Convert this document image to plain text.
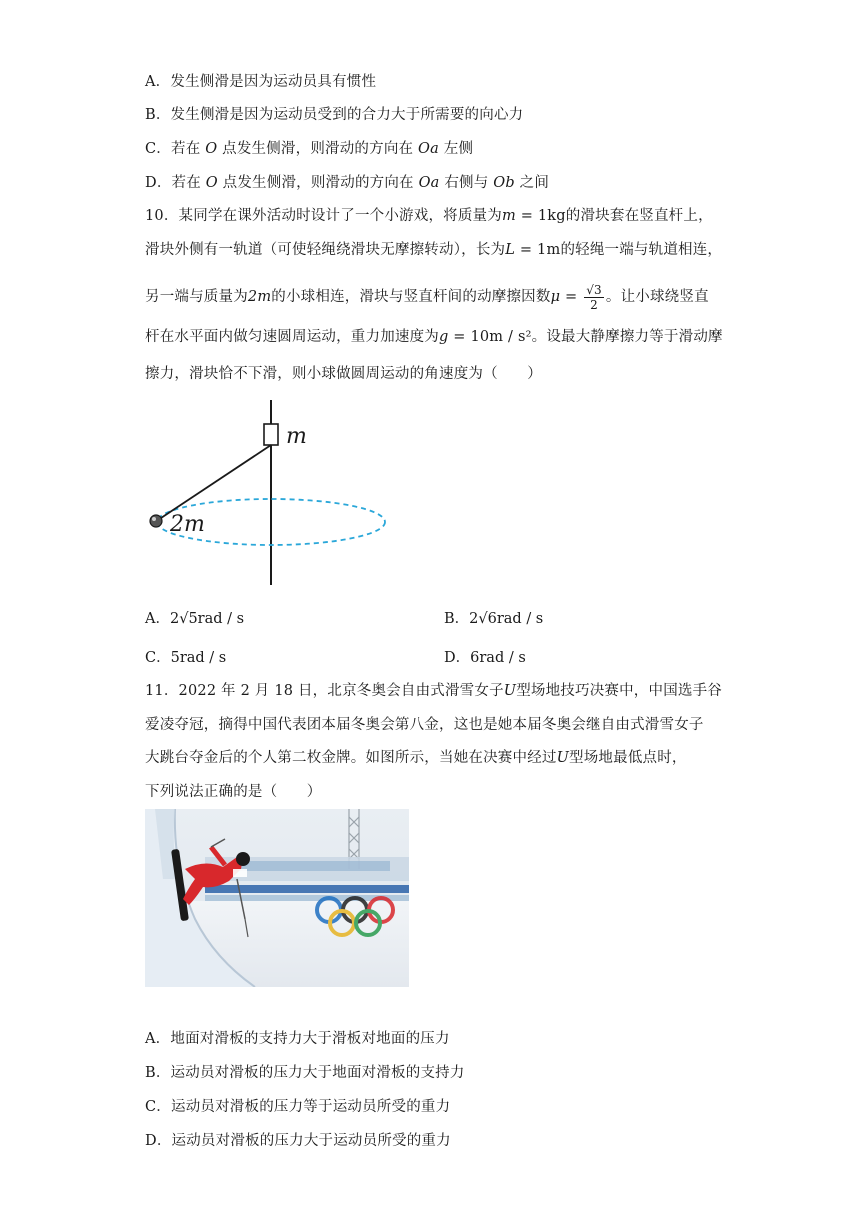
A．发生侧滑是因为运动员具有惯性
B．发生侧滑是因为运动员受到的合力大于所需要的向心力
C．若在 O 点发生侧滑，则滑动的方向在 Oa 左侧
D．若在 O 点发生侧滑，则滑动的方向在 Oa 右侧与 Ob 之间
10．某同学在课外活动时设计了一个小游戏，将质量为m = 1kg的滑块套在竖直杆上，
滑块外侧有一轨道（可使轻绳绕滑块无摩擦转动），长为L = 1m的轻绳一端与轨道相连，
另一端与质量为2m的小球相连，滑块与竖直杆间的动摩擦因数$\mu = \frac{√3}{2}$ 。让小球绕竖直
杆在水平面内做匀速圆周运动，重力加速度为g = 10m / s²。设最大静摩擦力等于滑动摩
擦力，滑块恰不下滑，则小球做圆周运动的角速度为（　　）
m
2m
A．2√5rad / s	B．2√6rad / s
C．5rad / s	D．6rad / s
11．2022 年 2 月 18 日，北京冬奥会自由式滑雪女子U型场地技巧决赛中，中国选手谷
爱凌夺冠，摘得中国代表团本届冬奥会第八金，这也是她本届冬奥会继自由式滑雪女子
大跳台夺金后的个人第二枚金牌。如图所示，当她在决赛中经过U型场地最低点时，
下列说法正确的是（　　）
A．地面对滑板的支持力大于滑板对地面的压力
B．运动员对滑板的压力大于地面对滑板的支持力
C．运动员对滑板的压力等于运动员所受的重力
D．运动员对滑板的压力大于运动员所受的重力
